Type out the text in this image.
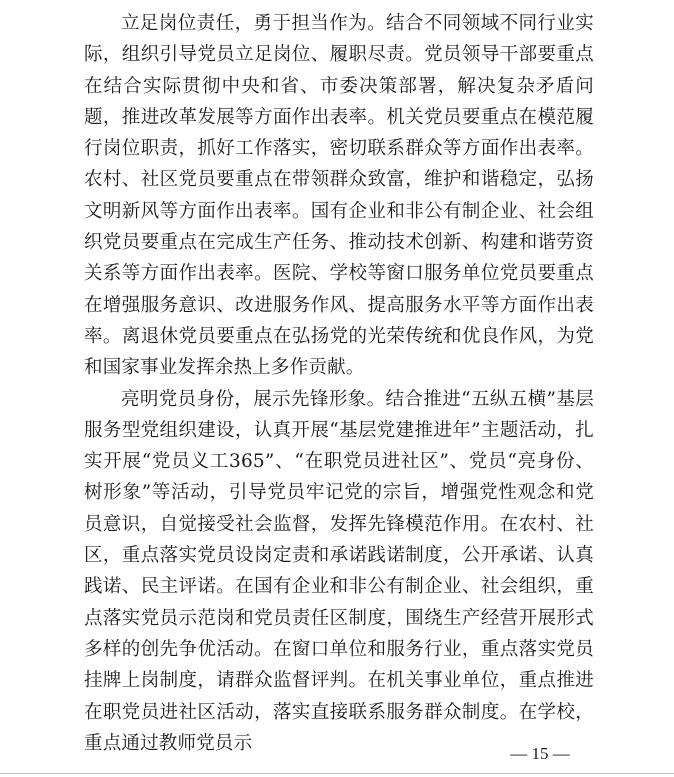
立足岗位责任，勇于担当作为。结合不同领域不同行业实际，组织引导党员立足岗位、履职尽责。党员领导干部要重点在结合实际贯彻中央和省、市委决策部署，解决复杂矛盾问题，推进改革发展等方面作出表率。机关党员要重点在模范履行岗位职责，抓好工作落实，密切联系群众等方面作出表率。农村、社区党员要重点在带领群众致富，维护和谐稳定，弘扬文明新风等方面作出表率。国有企业和非公有制企业、社会组织党员要重点在完成生产任务、推动技术创新、构建和谐劳资关系等方面作出表率。医院、学校等窗口服务单位党员要重点在增强服务意识、改进服务作风、提高服务水平等方面作出表率。离退休党员要重点在弘扬党的光荣传统和优良作风，为党和国家事业发挥余热上多作贡献。

亮明党员身份，展示先锋形象。结合推进“五纵五横”基层服务型党组织建设，认真开展“基层党建推进年”主题活动，扎实开展“党员义工365”、“在职党员进社区”、党员“亮身份、树形象”等活动，引导党员牢记党的宗旨，增强党性观念和党员意识，自觉接受社会监督，发挥先锋模范作用。在农村、社区，重点落实党员设岗定责和承诺践诺制度，公开承诺、认真践诺、民主评诺。在国有企业和非公有制企业、社会组织，重点落实党员示范岗和党员责任区制度，围绕生产经营开展形式多样的创先争优活动。在窗口单位和服务行业，重点落实党员挂牌上岗制度，请群众监督评判。在机关事业单位，重点推进在职党员进社区活动，落实直接联系服务群众制度。在学校，重点通过教师党员示	— 15 —
